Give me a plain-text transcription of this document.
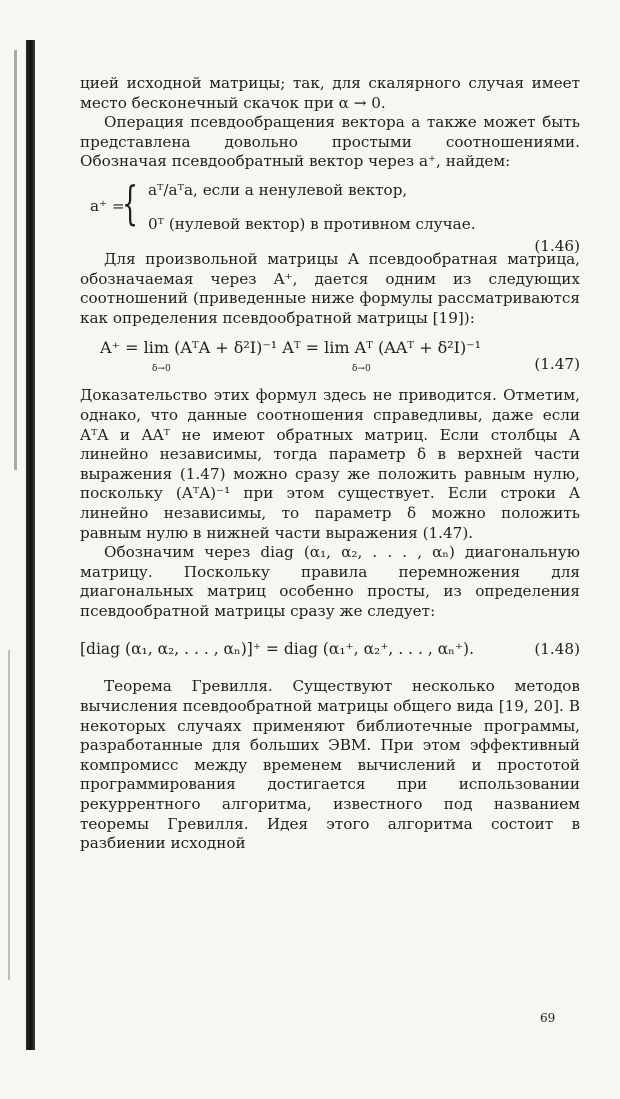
цией исходной матрицы; так, для скалярного случая имеет место бесконечный скачок при α → 0.

Операция псевдообращения вектора a также может быть представлена довольно простыми соотношениями. Обозначая псевдообратный вектор через a⁺, найдем:

a⁺ =
{ aᵀ/aᵀa, если a ненулевой вектор,
0ᵀ (нулевой вектор) в противном случае.
(1.46)

Для произвольной матрицы A псевдообратная матрица, обозначаемая через A⁺, дается одним из следующих соотношений (приведенные ниже формулы рассматриваются как определения псевдообратной матрицы [19]):

A⁺ = lim (AᵀA + δ²I)⁻¹ Aᵀ = lim Aᵀ (AAᵀ + δ²I)⁻¹
δ→0	δ→0	(1.47)

Доказательство этих формул здесь не приводится. Отметим, однако, что данные соотношения справедливы, даже если AᵀA и AAᵀ не имеют обратных матриц. Если столбцы A линейно независимы, тогда параметр δ в верхней части выражения (1.47) можно сразу же положить равным нулю, поскольку (AᵀA)⁻¹ при этом существует. Если строки A линейно независимы, то параметр δ можно положить равным нулю в нижней части выражения (1.47).

Обозначим через diag (α₁, α₂, . . . , αₙ) диагональную матрицу. Поскольку правила перемножения для диагональных матриц особенно просты, из определения псевдообратной матрицы сразу же следует:

[diag (α₁, α₂, . . . , αₙ)]⁺ = diag (α₁⁺, α₂⁺, . . . , αₙ⁺).	(1.48)

Теорема Гревилля. Существуют несколько методов вычисления псевдообратной матрицы общего вида [19, 20]. В некоторых случаях применяют библиотечные программы, разработанные для больших ЭВМ. При этом эффективный компромисс между временем вычислений и простотой программирования достигается при использовании рекуррентного алгоритма, известного под названием теоремы Гревилля. Идея этого алгоритма состоит в разбиении исходной

69
